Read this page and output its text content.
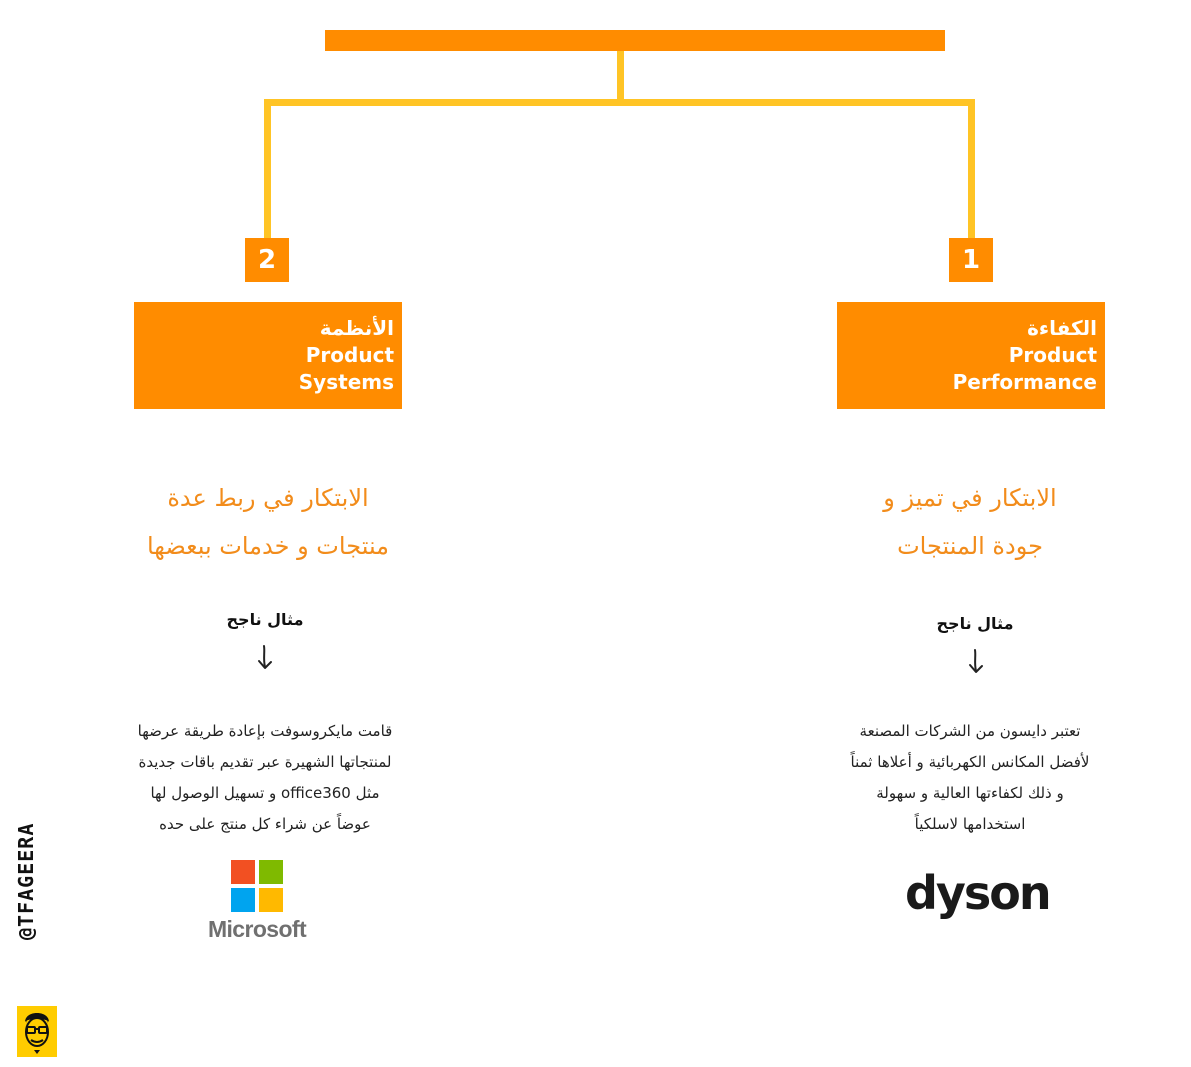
2	1
الأنظمة
Product
Systems
الكفاءة
Product
Performance
الابتكار في ربط عدة
منتجات و خدمات ببعضها
الابتكار في تميز و
جودة المنتجات
مثال ناجح	مثال ناجح
قامت مايكروسوفت بإعادة طريقة عرضها
لمنتجاتها الشهيرة عبر تقديم باقات جديدة
مثل office360 و تسهيل الوصول لها
عوضاً عن شراء كل منتج على حده
تعتبر دايسون من الشركات المصنعة
لأفضل المكانس الكهربائية و أعلاها ثمناً
و ذلك لكفاءتها العالية و سهولة
استخدامها لاسلكياً
Microsoft
dyson
@TFAGEERA
